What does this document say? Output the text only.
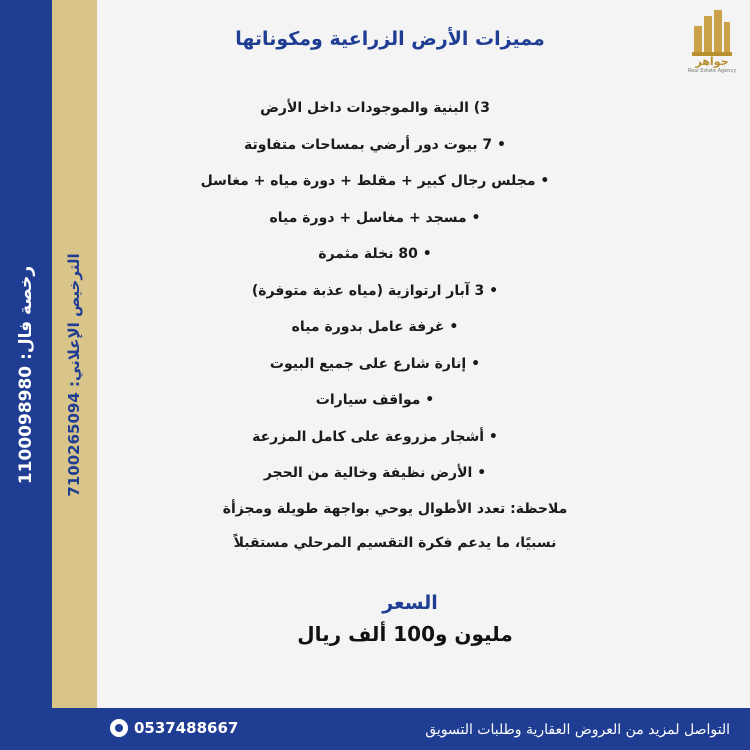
رخصة فال: 1100098980
الترخيص الإعلاني: 7100265094
جواهر
Real Estate Agency
مميزات الأرض الزراعية ومكوناتها
3) البنية والموجودات داخل الأرض
• 7 بيوت دور أرضي بمساحات متفاوتة
• مجلس رجال كبير + مقلط + دورة مياه + مغاسل
• مسجد + مغاسل + دورة مياه
• 80 نخلة مثمرة
• 3 آبار ارتوازية (مياه عذبة متوفرة)
• غرفة عامل بدورة مياه
• إنارة شارع على جميع البيوت
• مواقف سيارات
• أشجار مزروعة على كامل المزرعة
• الأرض نظيفة وخالية من الحجر
ملاحظة: تعدد الأطوال يوحي بواجهة طويلة ومجزأة
نسبيًا، ما يدعم فكرة التقسيم المرحلي مستقبلاً
السعر
مليون و100 ألف ريال
0537488667	التواصل لمزيد من العروض العقارية وطلبات التسويق
